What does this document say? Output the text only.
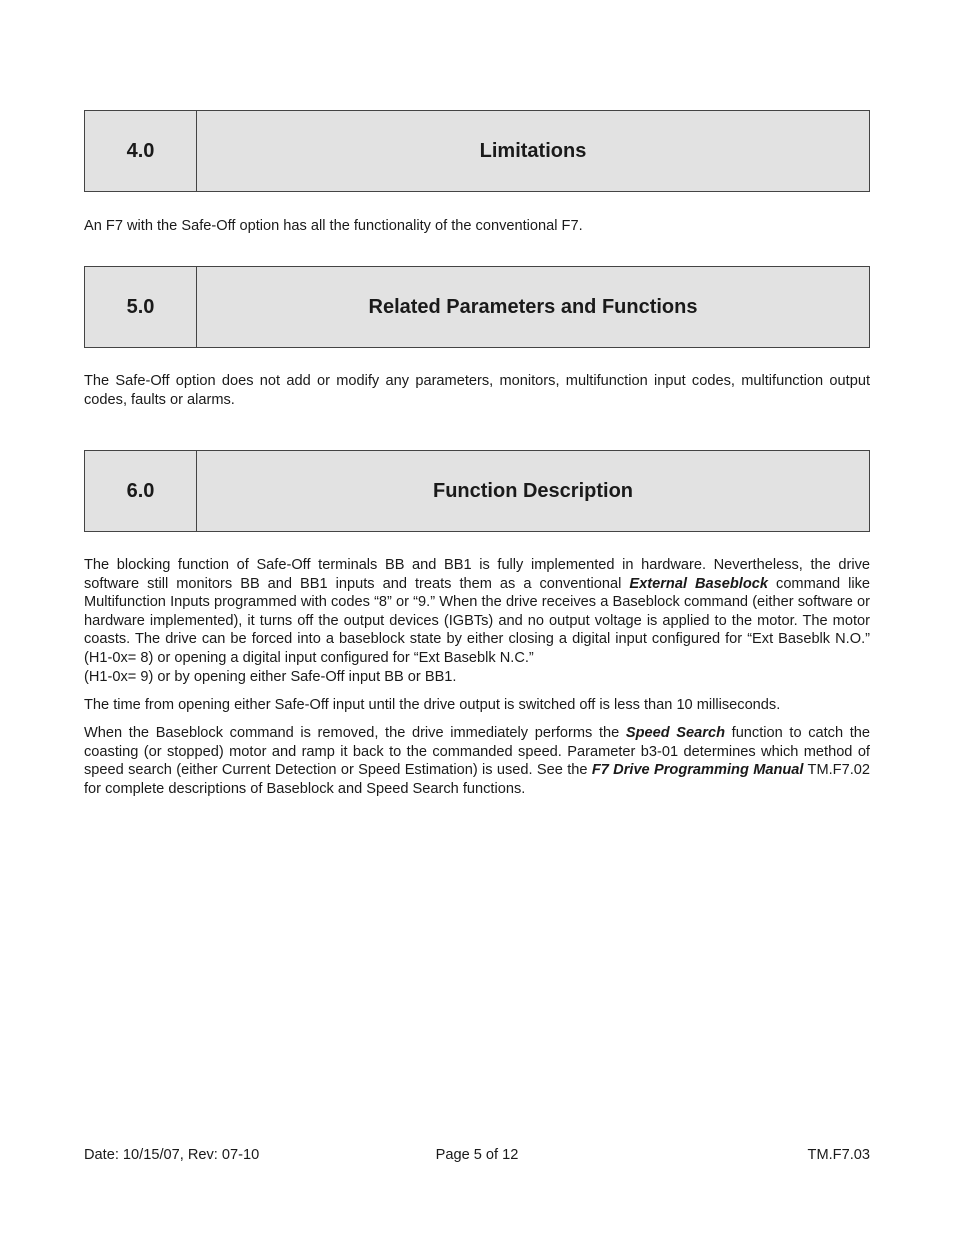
4.0	Limitations

An F7 with the Safe-Off option has all the functionality of the conventional F7.

5.0	Related Parameters and Functions

The Safe-Off option does not add or modify any parameters, monitors, multifunction input codes, multifunction output codes, faults or alarms.

6.0	Function Description

The blocking function of Safe-Off terminals BB and BB1 is fully implemented in hardware. Nevertheless, the drive software still monitors BB and BB1 inputs and treats them as a conventional External Baseblock command like Multifunction Inputs programmed with codes “8” or “9.” When the drive receives a Baseblock command (either software or hardware implemented), it turns off the output devices (IGBTs) and no output voltage is applied to the motor. The motor coasts. The drive can be forced into a baseblock state by either closing a digital input configured for “Ext Baseblk N.O.” (H1-0x= 8) or opening a digital input configured for “Ext Baseblk N.C.”

(H1-0x= 9) or by opening either Safe-Off input BB or BB1.

The time from opening either Safe-Off input until the drive output is switched off is less than 10 milliseconds.

When the Baseblock command is removed, the drive immediately performs the Speed Search function to catch the coasting (or stopped) motor and ramp it back to the commanded speed. Parameter b3-01 determines which method of speed search (either Current Detection or Speed Estimation) is used. See the F7 Drive Programming Manual TM.F7.02 for complete descriptions of Baseblock and Speed Search functions.

Date: 10/15/07, Rev: 07-10	Page 5 of 12	TM.F7.03
